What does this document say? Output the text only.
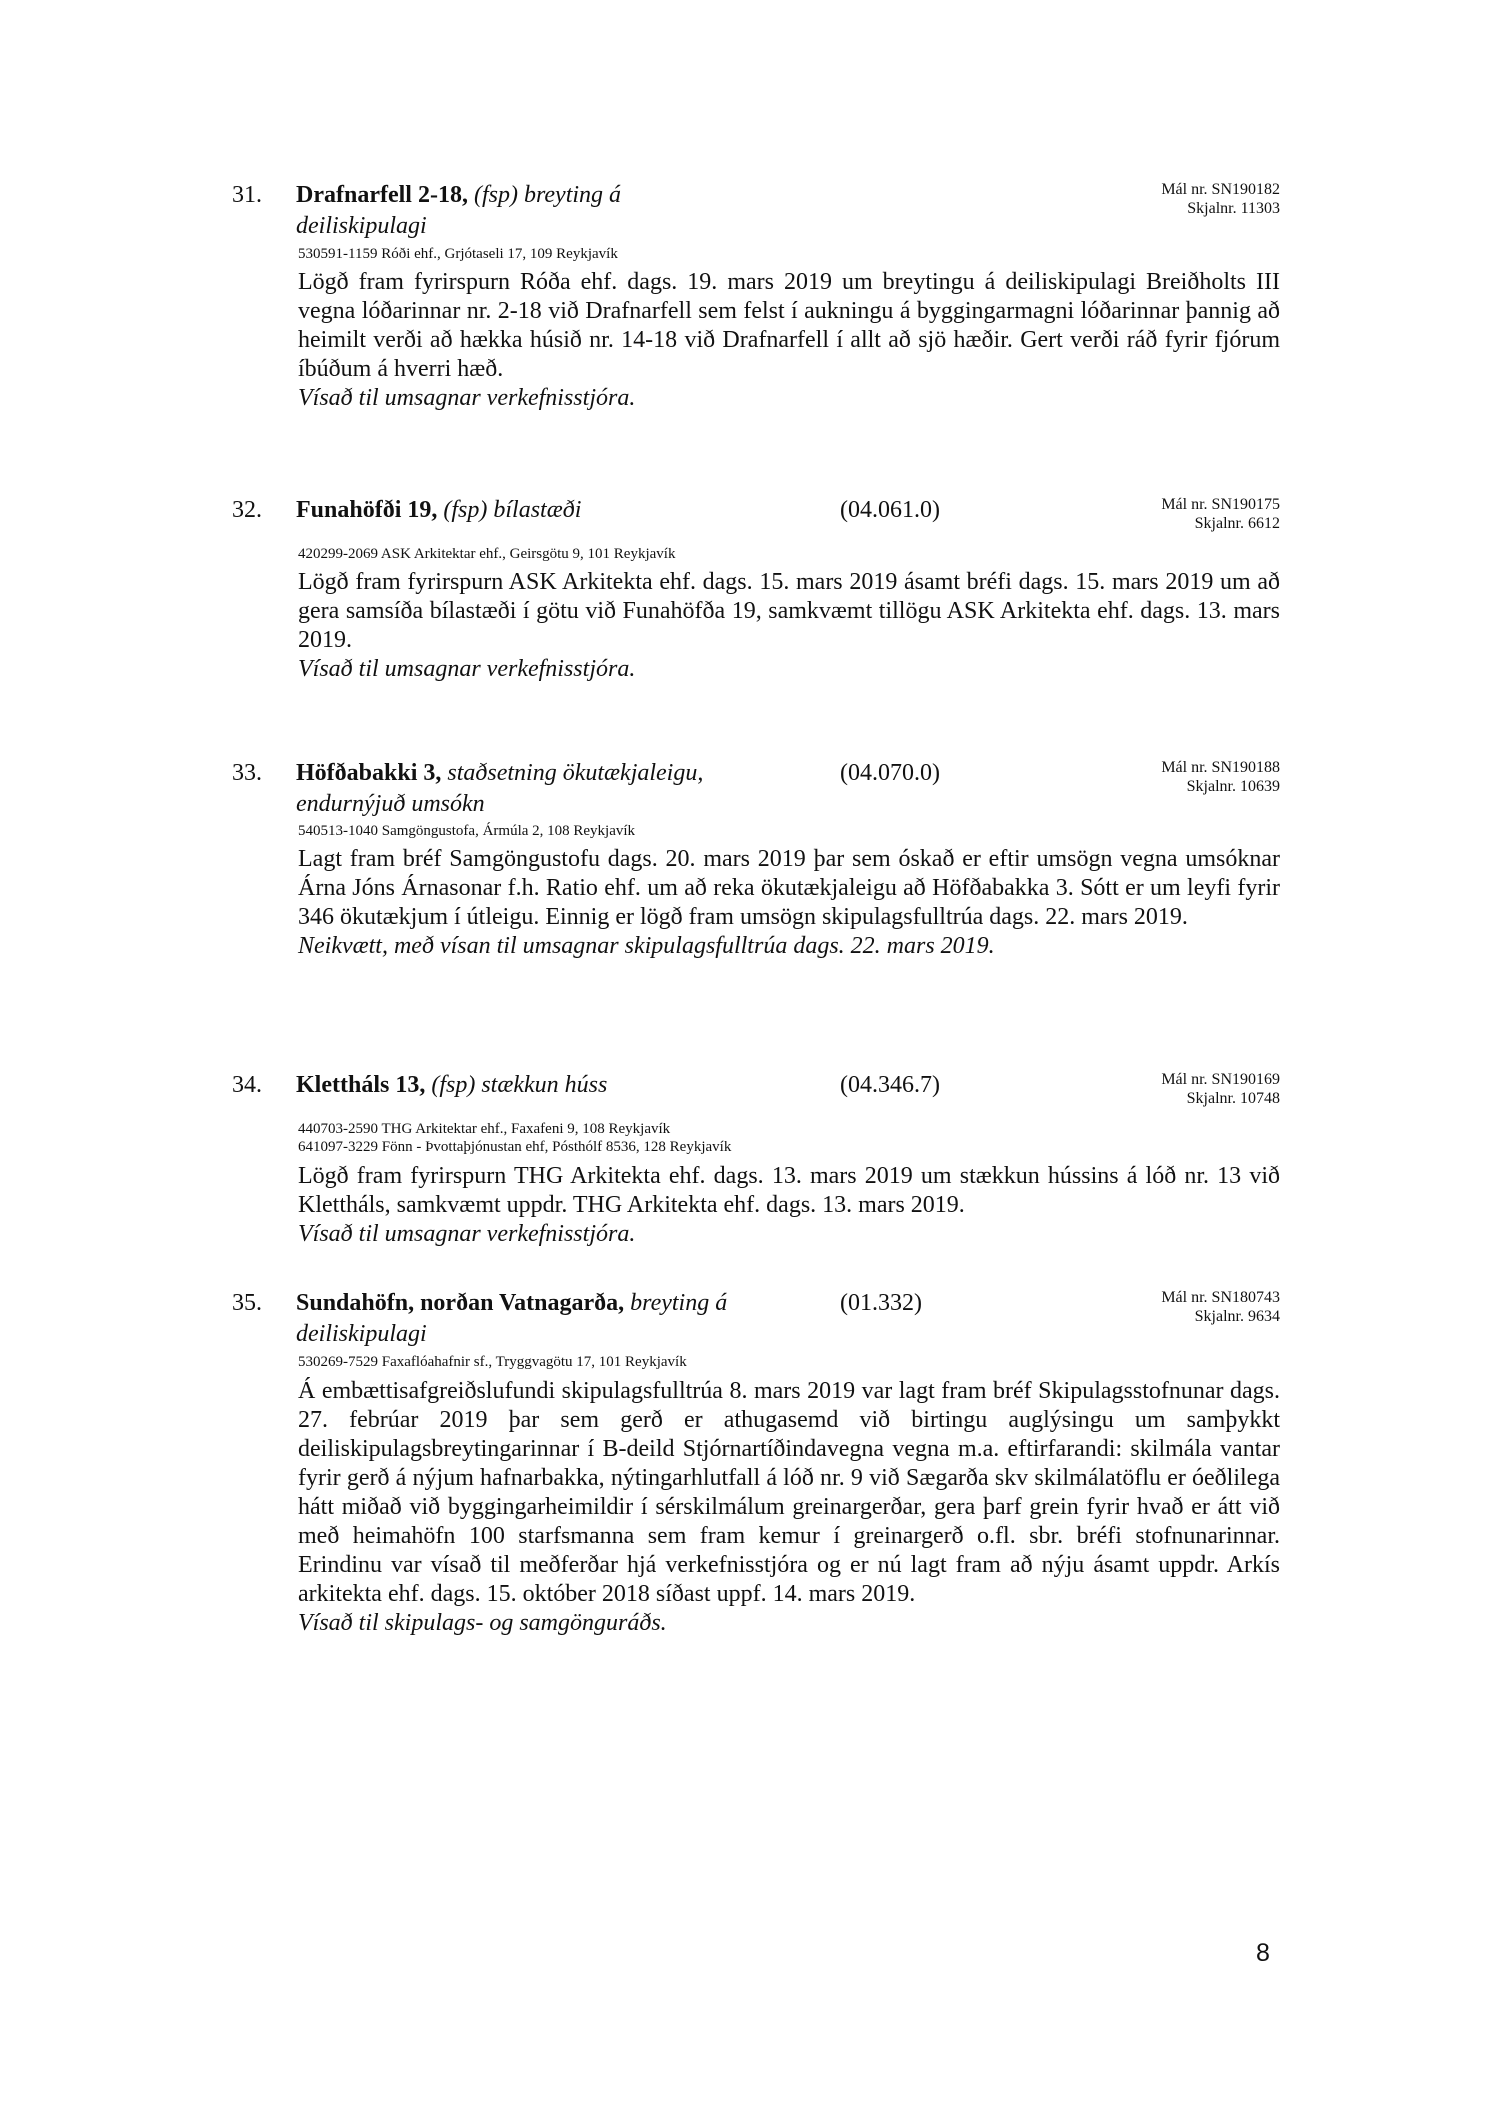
31. Drafnarfell 2-18, (fsp) breyting á deiliskipulagi
Mál nr. SN190182
Skjalnr. 11303
530591-1159 Róði ehf., Grjótaseli 17, 109 Reykjavík

Lögð fram fyrirspurn Róða ehf. dags. 19. mars 2019 um breytingu á deiliskipulagi Breiðholts III vegna lóðarinnar nr. 2-18 við Drafnarfell sem felst í aukningu á byggingarmagni lóðarinnar þannig að heimilt verði að hækka húsið nr. 14-18 við Drafnarfell í allt að sjö hæðir. Gert verði ráð fyrir fjórum íbúðum á hverri hæð.

Vísað til umsagnar verkefnisstjóra.

32. Funahöfði 19, (fsp) bílastæði	(04.061.0)	Mál nr. SN190175
Skjalnr. 6612
420299-2069 ASK Arkitektar ehf., Geirsgötu 9, 101 Reykjavík

Lögð fram fyrirspurn ASK Arkitekta ehf. dags. 15. mars 2019 ásamt bréfi dags. 15. mars 2019 um að gera samsíða bílastæði í götu við Funahöfða 19, samkvæmt tillögu ASK Arkitekta ehf. dags. 13. mars 2019.

Vísað til umsagnar verkefnisstjóra.

33. Höfðabakki 3, staðsetning ökutækjaleigu, endurnýjuð umsókn
(04.070.0)	Mál nr. SN190188
Skjalnr. 10639
540513-1040 Samgöngustofa, Ármúla 2, 108 Reykjavík

Lagt fram bréf Samgöngustofu dags. 20. mars 2019 þar sem óskað er eftir umsögn vegna umsóknar Árna Jóns Árnasonar f.h. Ratio ehf. um að reka ökutækjaleigu að Höfðabakka 3. Sótt er um leyfi fyrir 346 ökutækjum í útleigu. Einnig er lögð fram umsögn skipulagsfulltrúa dags. 22. mars 2019.

Neikvætt, með vísan til umsagnar skipulagsfulltrúa dags. 22. mars 2019.

34. Klettháls 13, (fsp) stækkun húss	(04.346.7)	Mál nr. SN190169
Skjalnr. 10748
440703-2590 THG Arkitektar ehf., Faxafeni 9, 108 Reykjavík
641097-3229 Fönn - Þvottaþjónustan ehf, Pósthólf 8536, 128 Reykjavík

Lögð fram fyrirspurn THG Arkitekta ehf. dags. 13. mars 2019 um stækkun hússins á lóð nr. 13 við Klettháls, samkvæmt uppdr. THG Arkitekta ehf. dags. 13. mars 2019.

Vísað til umsagnar verkefnisstjóra.

35. Sundahöfn, norðan Vatnagarða, breyting á deiliskipulagi
(01.332)	Mál nr. SN180743
Skjalnr. 9634
530269-7529 Faxaflóahafnir sf., Tryggvagötu 17, 101 Reykjavík

Á embættisafgreiðslufundi skipulagsfulltrúa 8. mars 2019 var lagt fram bréf Skipulagsstofnunar dags. 27. febrúar 2019 þar sem gerð er athugasemd við birtingu auglýsingu um samþykkt deiliskipulagsbreytingarinnar í B-deild Stjórnartíðindavegna vegna m.a. eftirfarandi: skilmála vantar fyrir gerð á nýjum hafnarbakka, nýtingarhlutfall á lóð nr. 9 við Sægarða skv skilmálatöflu er óeðlilega hátt miðað við byggingarheimildir í sérskilmálum greinargerðar, gera þarf grein fyrir hvað er átt við með heimahöfn 100 starfsmanna sem fram kemur í greinargerð o.fl. sbr. bréfi stofnunarinnar. Erindinu var vísað til meðferðar hjá verkefnisstjóra og er nú lagt fram að nýju ásamt uppdr. Arkís arkitekta ehf. dags. 15. október 2018 síðast uppf. 14. mars 2019.

Vísað til skipulags- og samgönguráðs.

8
